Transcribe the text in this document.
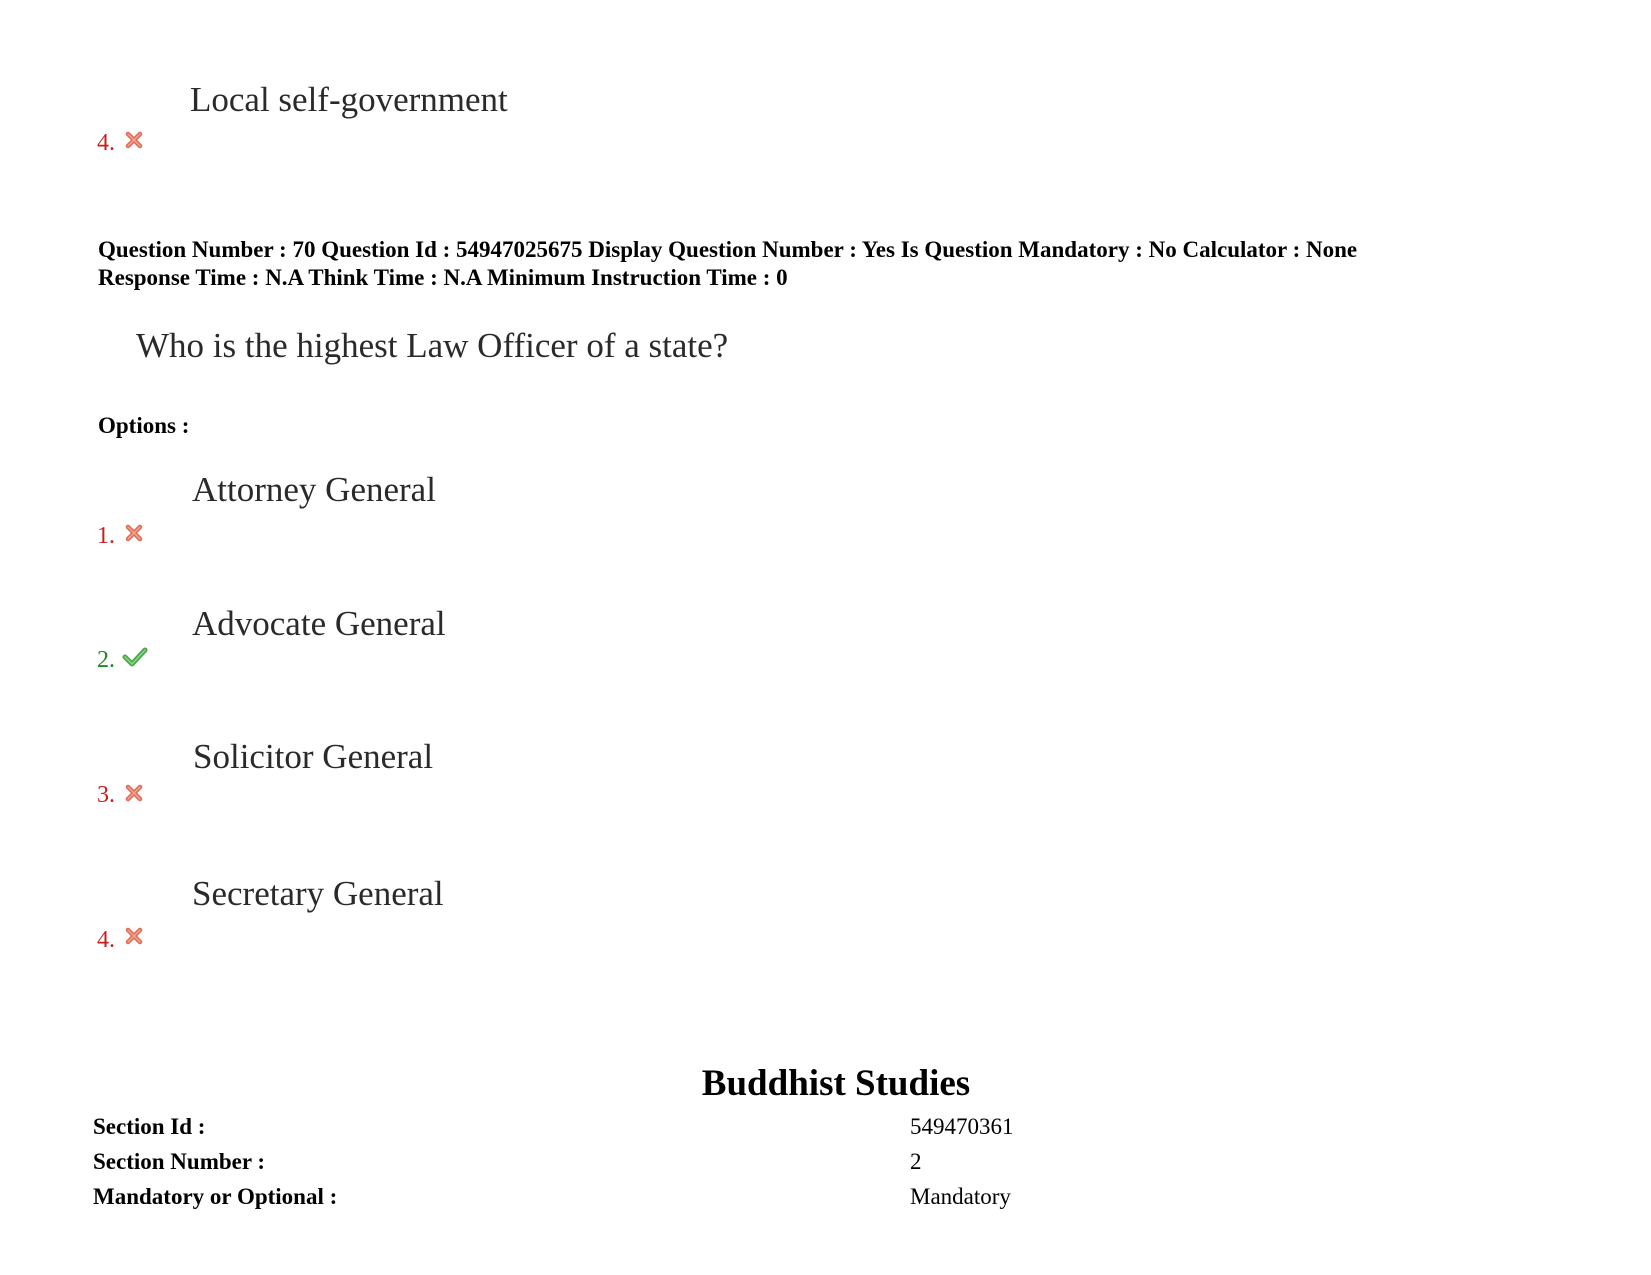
Local self-government
4.
Question Number : 70 Question Id : 54947025675 Display Question Number : Yes Is Question Mandatory : No Calculator : None
Response Time : N.A Think Time : N.A Minimum Instruction Time : 0
Who is the highest Law Officer of a state?
Options :
Attorney General
1.
Advocate General
2.
Solicitor General
3.
Secretary General
4.
Buddhist Studies
Section Id :	549470361
Section Number :	2
Mandatory or Optional :	Mandatory
